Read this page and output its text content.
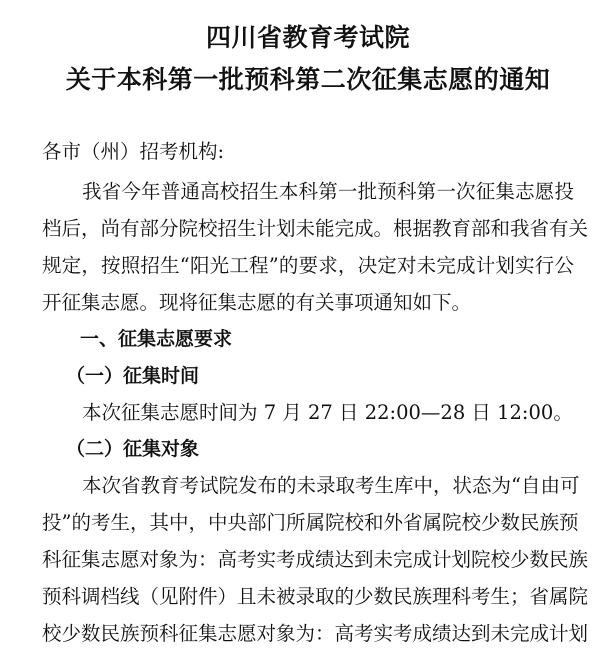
四川省教育考试院
关于本科第一批预科第二次征集志愿的通知
各市（州）招考机构:
我省今年普通高校招生本科第一批预科第一次征集志愿投
档后，尚有部分院校招生计划未能完成。根据教育部和我省有关
规定，按照招生“阳光工程”的要求，决定对未完成计划实行公
开征集志愿。现将征集志愿的有关事项通知如下。
一、征集志愿要求
（一）征集时间
本次征集志愿时间为 7 月 27 日 22:00—28 日 12:00。
（二）征集对象
本次省教育考试院发布的未录取考生库中，状态为“自由可
投”的考生，其中，中央部门所属院校和外省属院校少数民族预
科征集志愿对象为：高考实考成绩达到未完成计划院校少数民族
预科调档线（见附件）且未被录取的少数民族理科考生；省属院
校少数民族预科征集志愿对象为：高考实考成绩达到未完成计划
